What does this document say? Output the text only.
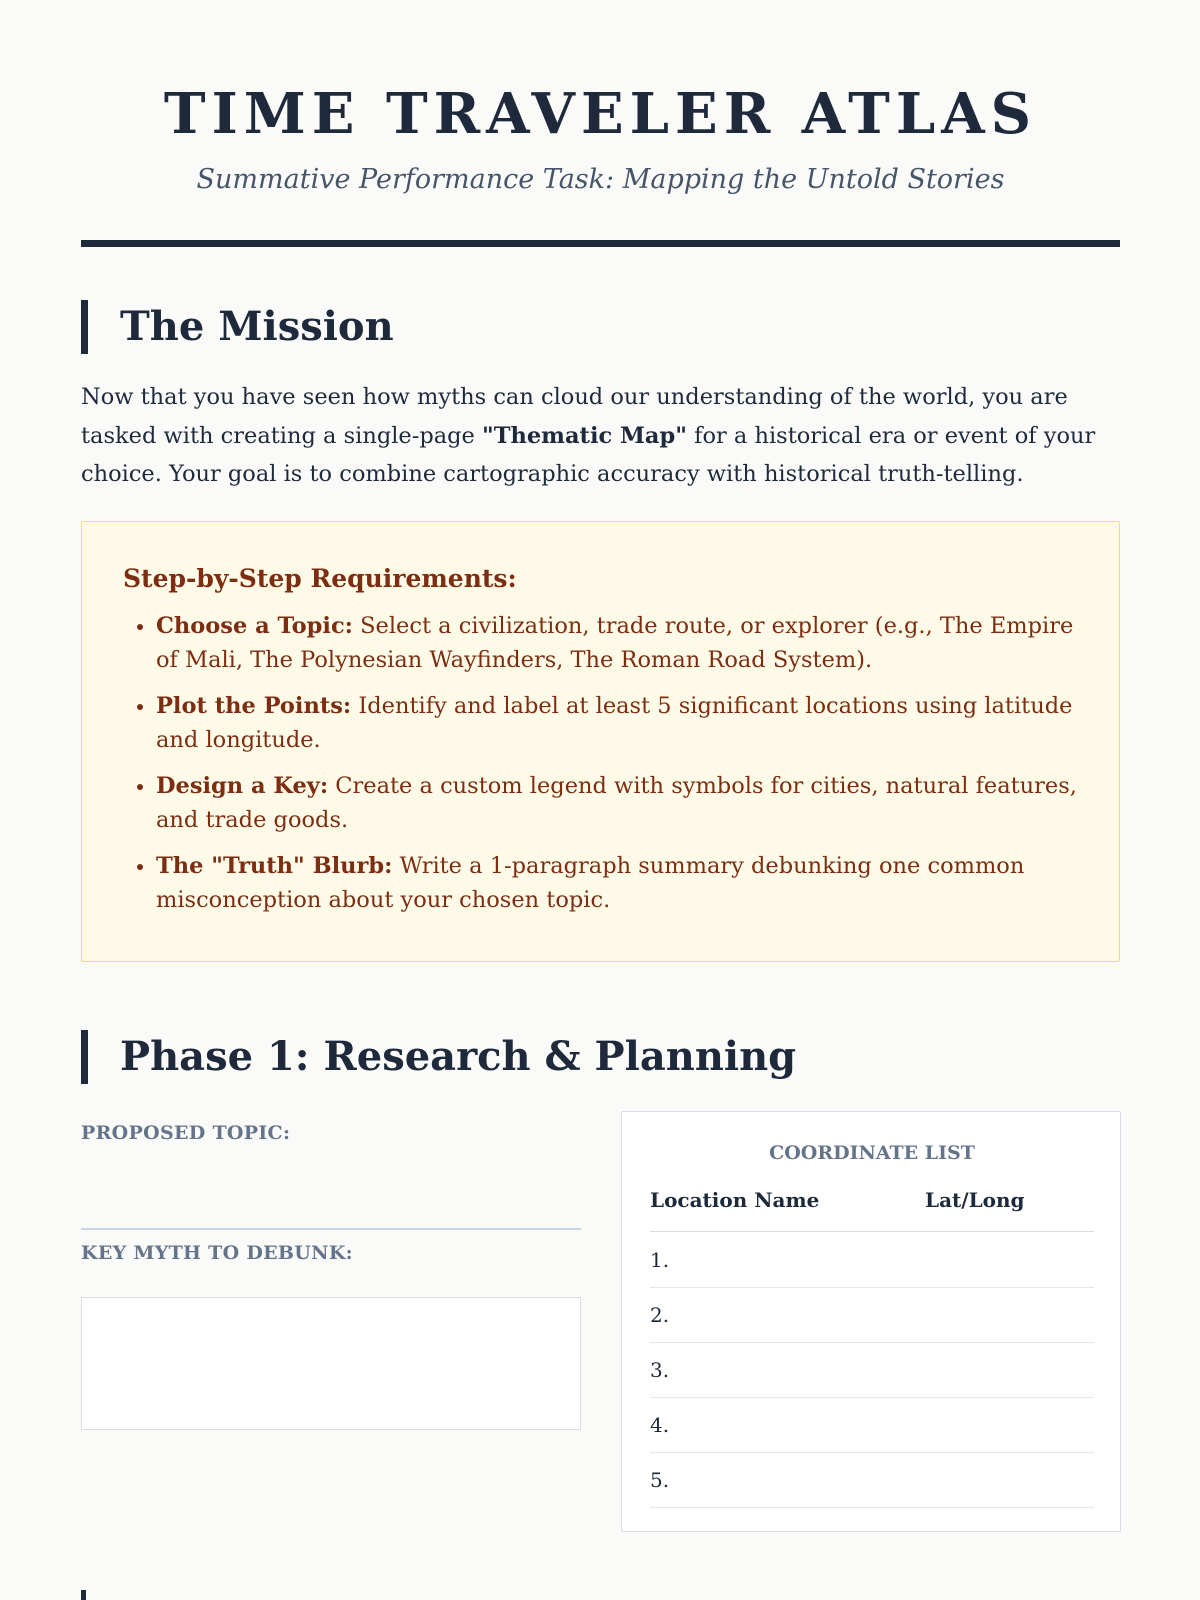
TIME TRAVELER ATLAS
Summative Performance Task: Mapping the Untold Stories
The Mission

Now that you have seen how myths can cloud our understanding of the world, you are tasked with creating a single-page "Thematic Map" for a historical era or event of your choice. Your goal is to combine cartographic accuracy with historical truth-telling.

Step-by-Step Requirements:
• Choose a Topic: Select a civilization, trade route, or explorer (e.g., The Empire of Mali, The Polynesian Wayfinders, The Roman Road System).
• Plot the Points: Identify and label at least 5 significant locations using latitude and longitude.
• Design a Key: Create a custom legend with symbols for cities, natural features, and trade goods.
• The "Truth" Blurb: Write a 1-paragraph summary debunking one common misconception about your chosen topic.
Phase 1: Research & Planning
PROPOSED TOPIC:
KEY MYTH TO DEBUNK:
COORDINATE LIST
Location Name	Lat/Long
1.
2.
3.
4.
5.
